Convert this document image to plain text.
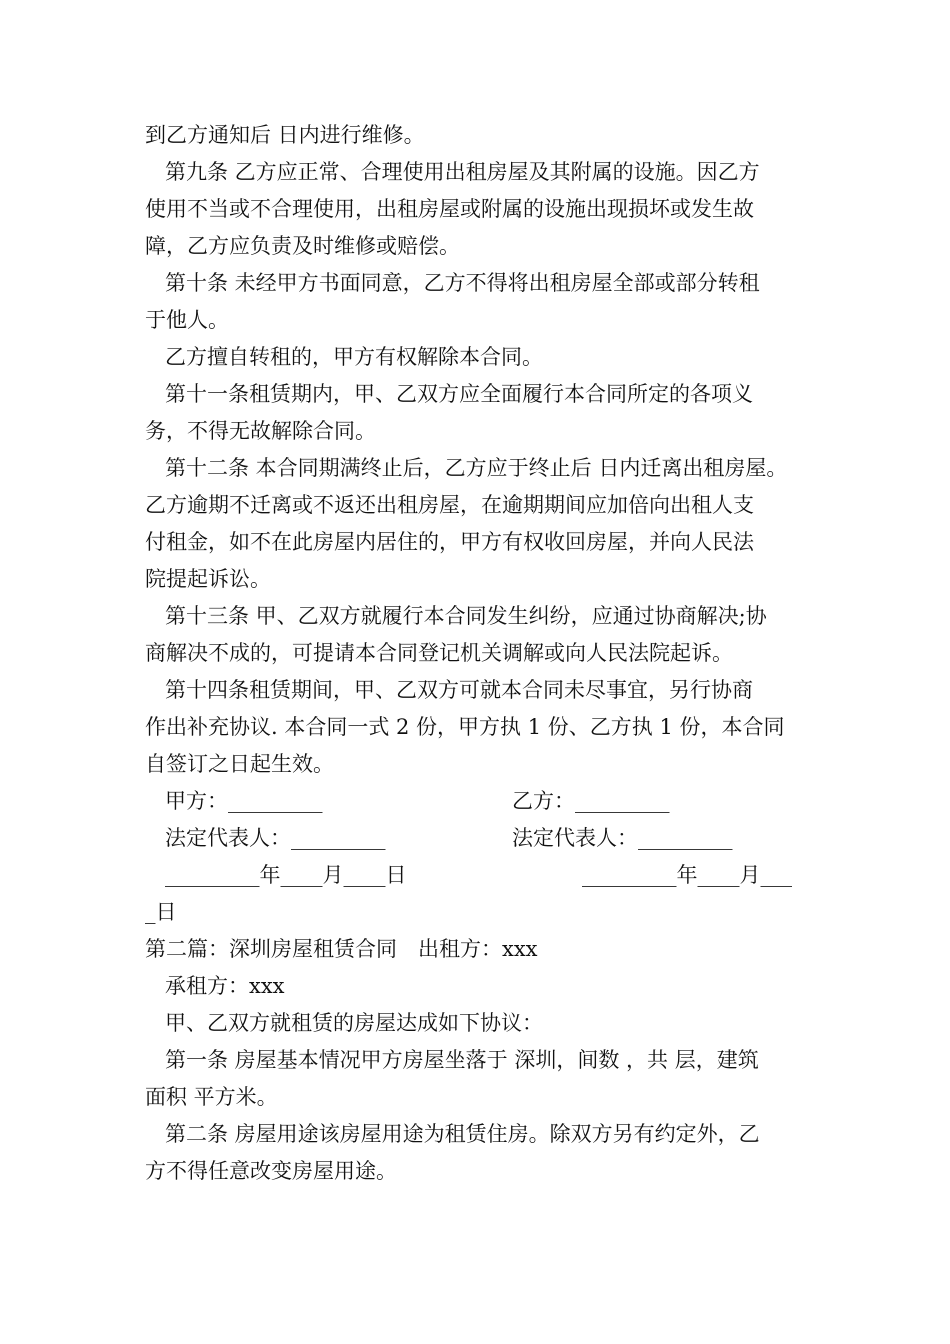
到乙方通知后 日内进行维修。
第九条 乙方应正常、合理使用出租房屋及其附属的设施。因乙方
使用不当或不合理使用，出租房屋或附属的设施出现损坏或发生故
障，乙方应负责及时维修或赔偿。
第十条 未经甲方书面同意，乙方不得将出租房屋全部或部分转租
于他人。
乙方擅自转租的，甲方有权解除本合同。
第十一条租赁期内，甲、乙双方应全面履行本合同所定的各项义
务，不得无故解除合同。
第十二条 本合同期满终止后，乙方应于终止后 日内迁离出租房屋。
乙方逾期不迁离或不返还出租房屋，在逾期期间应加倍向出租人支
付租金，如不在此房屋内居住的，甲方有权收回房屋，并向人民法
院提起诉讼。
第十三条 甲、乙双方就履行本合同发生纠纷，应通过协商解决;协
商解决不成的，可提请本合同登记机关调解或向人民法院起诉。
第十四条租赁期间，甲、乙双方可就本合同未尽事宜，另行协商
作出补充协议. 本合同一式 2 份，甲方执 1 份、乙方执 1 份，本合同
自签订之日起生效。
甲方：_________	乙方：_________
法定代表人：_________	法定代表人：_________
_________年____月____日	_________年____月___
_日
第二篇：深圳房屋租赁合同　出租方：xxx
承租方：xxx
甲、乙双方就租赁的房屋达成如下协议：
第一条 房屋基本情况甲方房屋坐落于 深圳，间数 ，共 层，建筑
面积 平方米。
第二条 房屋用途该房屋用途为租赁住房。除双方另有约定外，乙
方不得任意改变房屋用途。
